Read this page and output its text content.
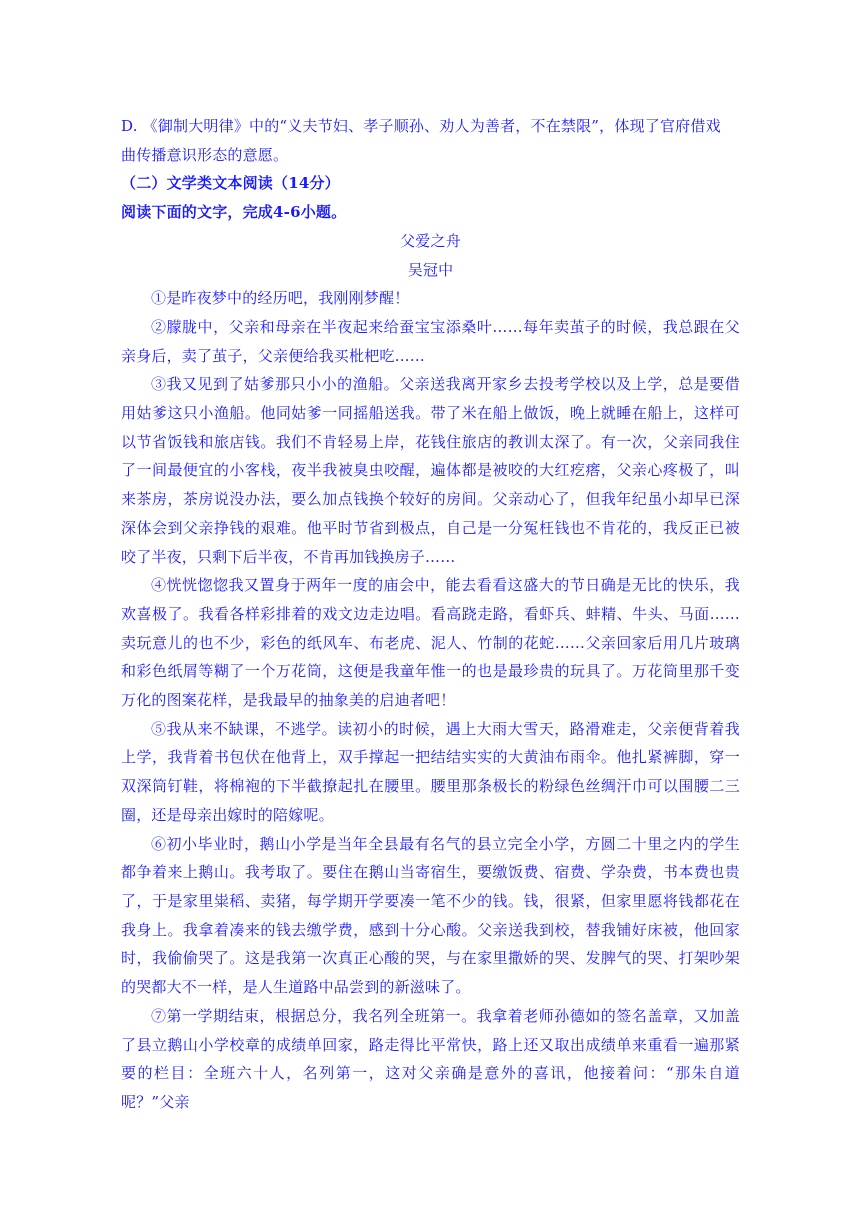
D. 《御制大明律》中的“义夫节妇、孝子顺孙、劝人为善者，不在禁限”，体现了官府借戏

曲传播意识形态的意愿。

（二）文学类文本阅读（14分）

阅读下面的文字，完成4-6小题。

父爱之舟

吴冠中

①是昨夜梦中的经历吧，我刚刚梦醒！

②朦胧中，父亲和母亲在半夜起来给蚕宝宝添桑叶……每年卖茧子的时候，我总跟在父亲身后，卖了茧子，父亲便给我买枇杷吃……

③我又见到了姑爹那只小小的渔船。父亲送我离开家乡去投考学校以及上学，总是要借用姑爹这只小渔船。他同姑爹一同摇船送我。带了米在船上做饭，晚上就睡在船上，这样可以节省饭钱和旅店钱。我们不肯轻易上岸，花钱住旅店的教训太深了。有一次，父亲同我住了一间最便宜的小客栈，夜半我被臭虫咬醒，遍体都是被咬的大红疙瘩，父亲心疼极了，叫来茶房，茶房说没办法，要么加点钱换个较好的房间。父亲动心了，但我年纪虽小却早已深深体会到父亲挣钱的艰难。他平时节省到极点，自己是一分冤枉钱也不肯花的，我反正已被咬了半夜，只剩下后半夜，不肯再加钱换房子……

④恍恍惚惚我又置身于两年一度的庙会中，能去看看这盛大的节日确是无比的快乐，我欢喜极了。我看各样彩排着的戏文边走边唱。看高跷走路，看虾兵、蚌精、牛头、马面……卖玩意儿的也不少，彩色的纸风车、布老虎、泥人、竹制的花蛇……父亲回家后用几片玻璃和彩色纸屑等糊了一个万花筒，这便是我童年惟一的也是最珍贵的玩具了。万花筒里那千变万化的图案花样，是我最早的抽象美的启迪者吧！

⑤我从来不缺课，不逃学。读初小的时候，遇上大雨大雪天，路滑难走，父亲便背着我上学，我背着书包伏在他背上，双手撑起一把结结实实的大黄油布雨伞。他扎紧裤脚，穿一双深筒钉鞋，将棉袍的下半截撩起扎在腰里。腰里那条极长的粉绿色丝绸汗巾可以围腰二三圈，还是母亲出嫁时的陪嫁呢。

⑥初小毕业时，鹅山小学是当年全县最有名气的县立完全小学，方圆二十里之内的学生都争着来上鹅山。我考取了。要住在鹅山当寄宿生，要缴饭费、宿费、学杂费，书本费也贵了，于是家里粜稻、卖猪，每学期开学要凑一笔不少的钱。钱，很紧，但家里愿将钱都花在我身上。我拿着凑来的钱去缴学费，感到十分心酸。父亲送我到校，替我铺好床被，他回家时，我偷偷哭了。这是我第一次真正心酸的哭，与在家里撒娇的哭、发脾气的哭、打架吵架的哭都大不一样，是人生道路中品尝到的新滋味了。

⑦第一学期结束，根据总分，我名列全班第一。我拿着老师孙德如的签名盖章，又加盖了县立鹅山小学校章的成绩单回家，路走得比平常快，路上还又取出成绩单来重看一遍那紧要的栏目：全班六十人，名列第一，这对父亲确是意外的喜讯，他接着问：“那朱自道呢？”父亲
